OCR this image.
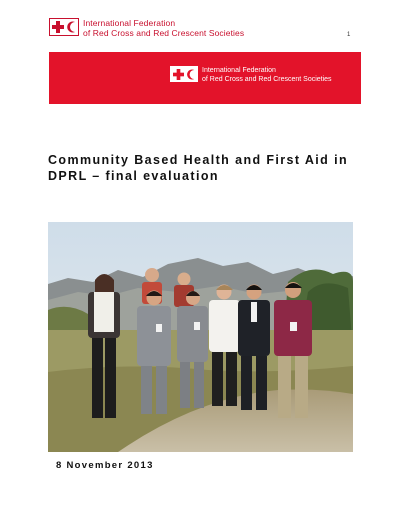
International Federation
of Red Cross and Red Crescent Societies	1
International Federation
of Red Cross and Red Crescent Societies
Community Based Health and First Aid in
DPRL – final evaluation
8 November 2013
